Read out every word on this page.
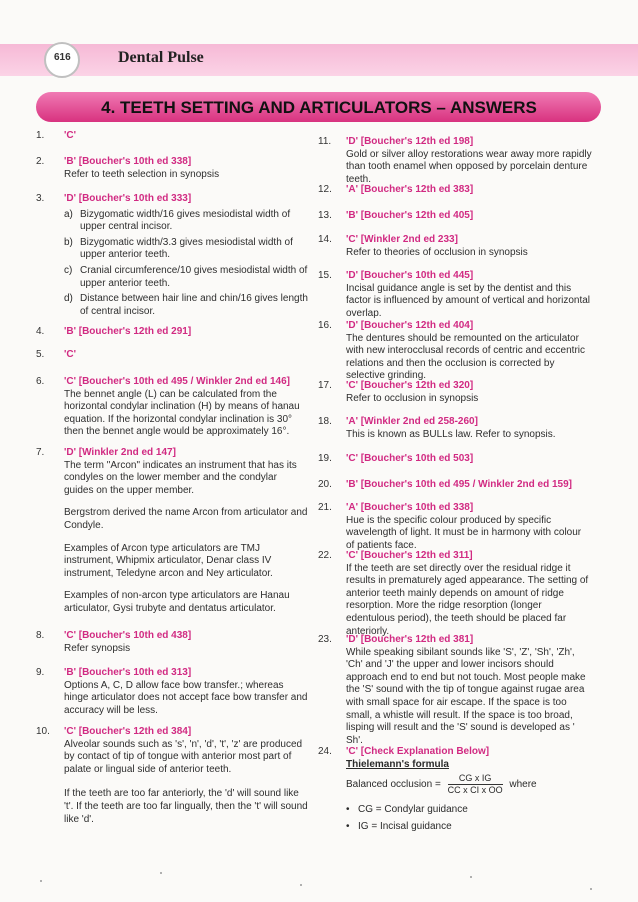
616	Dental Pulse
4. TEETH SETTING AND ARTICULATORS – ANSWERS
1. 'C'
2. 'B' [Boucher's 10th ed 338]
Refer to teeth selection in synopsis
3. 'D' [Boucher's 10th ed 333]
a) Bizygomatic width/16 gives mesiodistal width of upper central incisor.
b) Bizygomatic width/3.3 gives mesiodistal width of upper anterior teeth.
c) Cranial circumference/10 gives mesiodistal width of upper anterior teeth.
d) Distance between hair line and chin/16 gives length of central incisor.
4. 'B' [Boucher's 12th ed 291]
5. 'C'
6. 'C' [Boucher's 10th ed 495 / Winkler 2nd ed 146]
The bennet angle (L) can be calculated from the horizontal condylar inclination (H) by means of hanau equation. If the horizontal condylar inclination is 30° then the bennet angle would be approximately 16°.
7. 'D' [Winkler 2nd ed 147]
The term "Arcon" indicates an instrument that has its condyles on the lower member and the condylar guides on the upper member.
Bergstrom derived the name Arcon from articulator and Condyle.
Examples of Arcon type articulators are TMJ instrument, Whipmix articulator, Denar class IV instrument, Teledyne arcon and Ney articulator.
Examples of non-arcon type articulators are Hanau articulator, Gysi trubyte and dentatus articulator.
8. 'C' [Boucher's 10th ed 438]
Refer synopsis
9. 'B' [Boucher's 10th ed 313]
Options A, C, D allow face bow transfer.; whereas hinge articulator does not accept face bow transfer and accuracy will be less.
10. 'C' [Boucher's 12th ed 384]
Alveolar sounds such as 's', 'n', 'd', 't', 'z' are produced by contact of tip of tongue with anterior most part of palate or lingual side of anterior teeth.
If the teeth are too far anteriorly, the 'd' will sound like 't'. If the teeth are too far lingually, then the 't' will sound like 'd'.
11. 'D' [Boucher's 12th ed 198]
Gold or silver alloy restorations wear away more rapidly than tooth enamel when opposed by porcelain denture teeth.
12. 'A' [Boucher's 12th ed 383]
13. 'B' [Boucher's 12th ed 405]
14. 'C' [Winkler 2nd ed 233]
Refer to theories of occlusion in synopsis
15. 'D' [Boucher's 10th ed 445]
Incisal guidance angle is set by the dentist and this factor is influenced by amount of vertical and horizontal overlap.
16. 'D' [Boucher's 12th ed 404]
The dentures should be remounted on the articulator with new interocclusal records of centric and eccentric relations and then the occlusion is corrected by selective grinding.
17. 'C' [Boucher's 12th ed 320]
Refer to occlusion in synopsis
18. 'A' [Winkler 2nd ed 258-260]
This is known as BULLs law. Refer to synopsis.
19. 'C' [Boucher's 10th ed 503]
20. 'B' [Boucher's 10th ed 495 / Winkler 2nd ed 159]
21. 'A' [Boucher's 10th ed 338]
Hue is the specific colour produced by specific wavelength of light. It must be in harmony with colour of patients face.
22. 'C' [Boucher's 12th ed 311]
If the teeth are set directly over the residual ridge it results in prematurely aged appearance. The setting of anterior teeth mainly depends on amount of ridge resorption. More the ridge resorption (longer edentulous period), the teeth should be placed far anteriorly.
23. 'D' [Boucher's 12th ed 381]
While speaking sibilant sounds like 'S', 'Z', 'Sh', 'Zh', 'Ch' and 'J' the upper and lower incisors should approach end to end but not touch. Most people make the 'S' sound with the tip of tongue against rugae area with small space for air escape. If the space is too small, a whistle will result. If the space is too broad, lisping will result and the 'S' sound is developed as ' Sh'.
24. 'C' [Check Explanation Below]
Thielemann's formula
Balanced occlusion = $\frac{\text{CG x IG}}{\text{CC x CI x OO}}$ where
• CG = Condylar guidance
• IG = Incisal guidance
